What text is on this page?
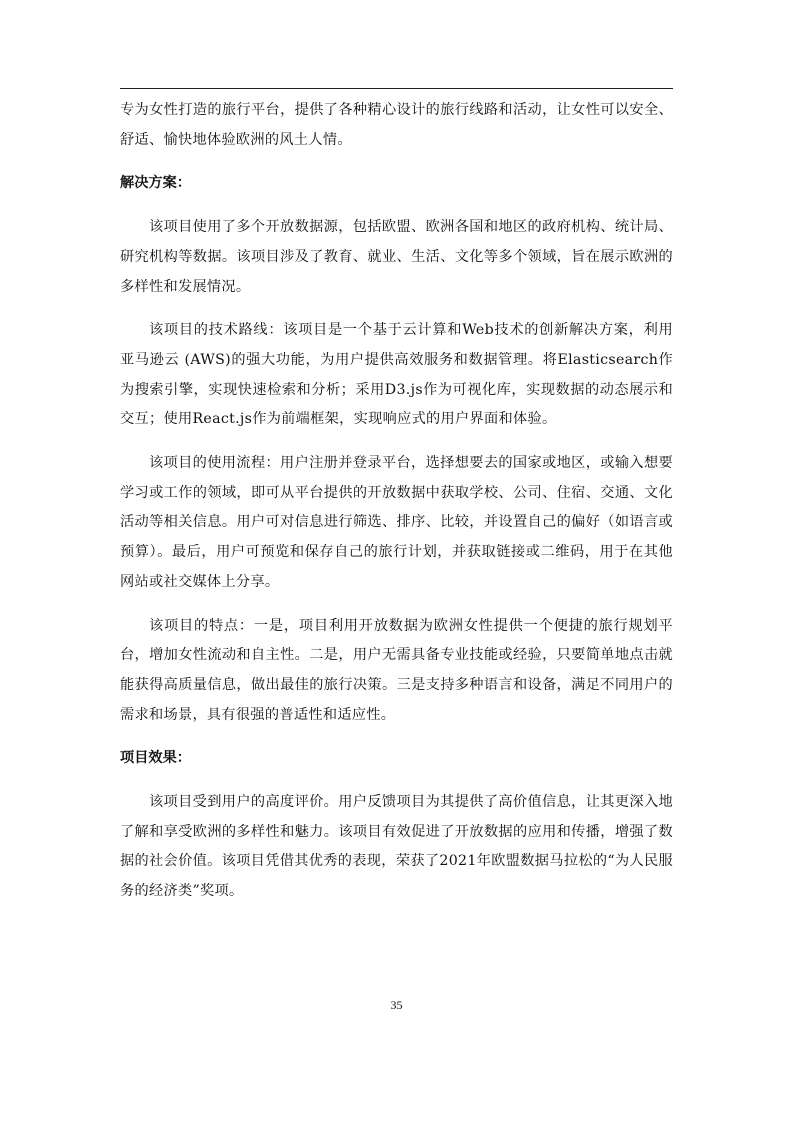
专为女性打造的旅行平台，提供了各种精心设计的旅行线路和活动，让女性可以安全、舒适、愉快地体验欧洲的风土人情。

解决方案：

该项目使用了多个开放数据源，包括欧盟、欧洲各国和地区的政府机构、统计局、研究机构等数据。该项目涉及了教育、就业、生活、文化等多个领域，旨在展示欧洲的多样性和发展情况。

该项目的技术路线：该项目是一个基于云计算和Web技术的创新解决方案，利用亚马逊云 (AWS)的强大功能，为用户提供高效服务和数据管理。将Elasticsearch作为搜索引擎，实现快速检索和分析；采用D3.js作为可视化库，实现数据的动态展示和交互；使用React.js作为前端框架，实现响应式的用户界面和体验。

该项目的使用流程：用户注册并登录平台，选择想要去的国家或地区，或输入想要学习或工作的领域，即可从平台提供的开放数据中获取学校、公司、住宿、交通、文化活动等相关信息。用户可对信息进行筛选、排序、比较，并设置自己的偏好（如语言或预算）。最后，用户可预览和保存自己的旅行计划，并获取链接或二维码，用于在其他网站或社交媒体上分享。

该项目的特点：一是，项目利用开放数据为欧洲女性提供一个便捷的旅行规划平台，增加女性流动和自主性。二是，用户无需具备专业技能或经验，只要简单地点击就能获得高质量信息，做出最佳的旅行决策。三是支持多种语言和设备，满足不同用户的需求和场景，具有很强的普适性和适应性。

项目效果：

该项目受到用户的高度评价。用户反馈项目为其提供了高价值信息，让其更深入地了解和享受欧洲的多样性和魅力。该项目有效促进了开放数据的应用和传播，增强了数据的社会价值。该项目凭借其优秀的表现，荣获了2021年欧盟数据马拉松的“为人民服务的经济类”奖项。

35
